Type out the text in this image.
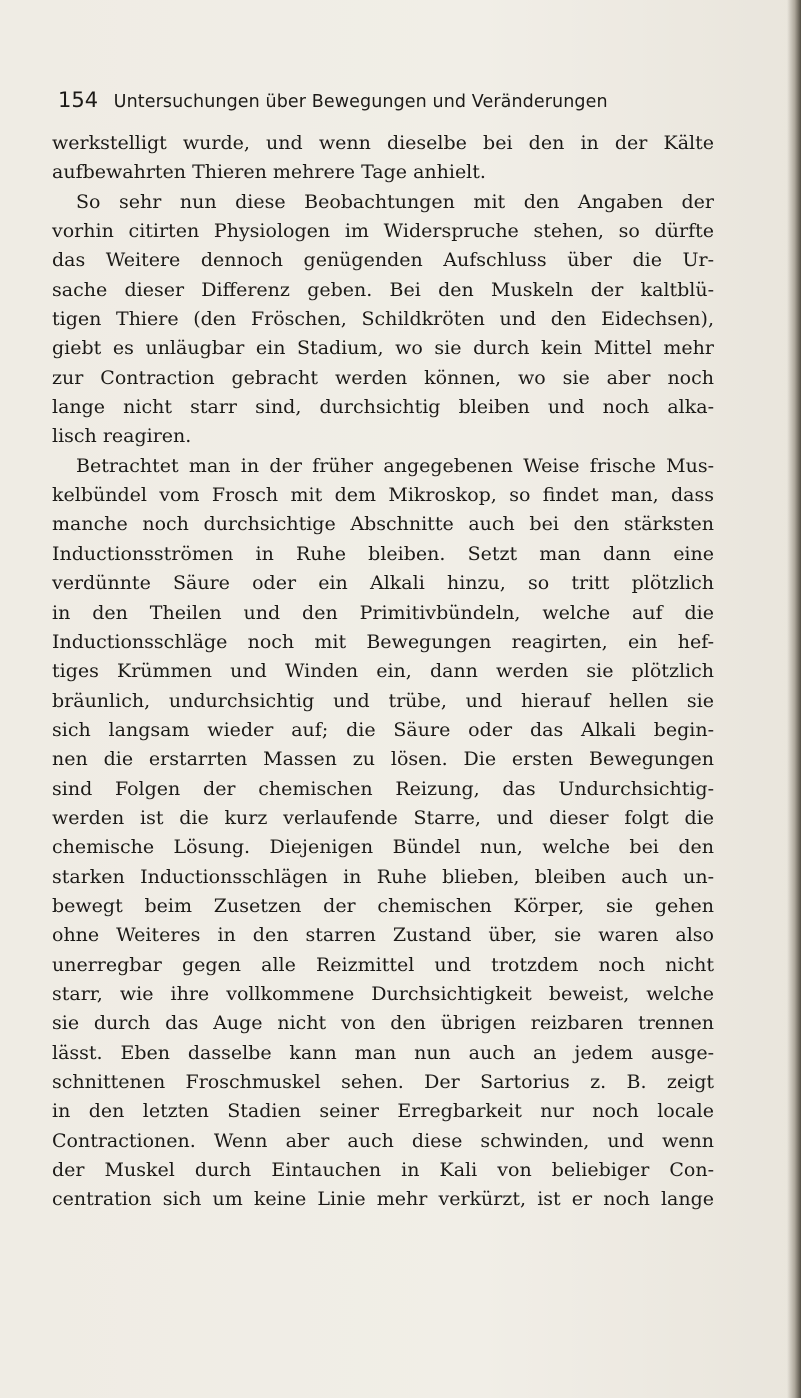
154 Untersuchungen über Bewegungen und Veränderungen
werkstelligt wurde, und wenn dieselbe bei den in der Kälte
aufbewahrten Thieren mehrere Tage anhielt.
So sehr nun diese Beobachtungen mit den Angaben der
vorhin citirten Physiologen im Widerspruche stehen, so dürfte
das Weitere dennoch genügenden Aufschluss über die Ur-
sache dieser Differenz geben. Bei den Muskeln der kaltblü-
tigen Thiere (den Fröschen, Schildkröten und den Eidechsen),
giebt es unläugbar ein Stadium, wo sie durch kein Mittel mehr
zur Contraction gebracht werden können, wo sie aber noch
lange nicht starr sind, durchsichtig bleiben und noch alka-
lisch reagiren.
Betrachtet man in der früher angegebenen Weise frische Mus-
kelbündel vom Frosch mit dem Mikroskop, so findet man, dass
manche noch durchsichtige Abschnitte auch bei den stärksten
Inductionsströmen in Ruhe bleiben. Setzt man dann eine
verdünnte Säure oder ein Alkali hinzu, so tritt plötzlich
in den Theilen und den Primitivbündeln, welche auf die
Inductionsschläge noch mit Bewegungen reagirten, ein hef-
tiges Krümmen und Winden ein, dann werden sie plötzlich
bräunlich, undurchsichtig und trübe, und hierauf hellen sie
sich langsam wieder auf; die Säure oder das Alkali begin-
nen die erstarrten Massen zu lösen. Die ersten Bewegungen
sind Folgen der chemischen Reizung, das Undurchsichtig-
werden ist die kurz verlaufende Starre, und dieser folgt die
chemische Lösung. Diejenigen Bündel nun, welche bei den
starken Inductionsschlägen in Ruhe blieben, bleiben auch un-
bewegt beim Zusetzen der chemischen Körper, sie gehen
ohne Weiteres in den starren Zustand über, sie waren also
unerregbar gegen alle Reizmittel und trotzdem noch nicht
starr, wie ihre vollkommene Durchsichtigkeit beweist, welche
sie durch das Auge nicht von den übrigen reizbaren trennen
lässt. Eben dasselbe kann man nun auch an jedem ausge-
schnittenen Froschmuskel sehen. Der Sartorius z. B. zeigt
in den letzten Stadien seiner Erregbarkeit nur noch locale
Contractionen. Wenn aber auch diese schwinden, und wenn
der Muskel durch Eintauchen in Kali von beliebiger Con-
centration sich um keine Linie mehr verkürzt, ist er noch lange
